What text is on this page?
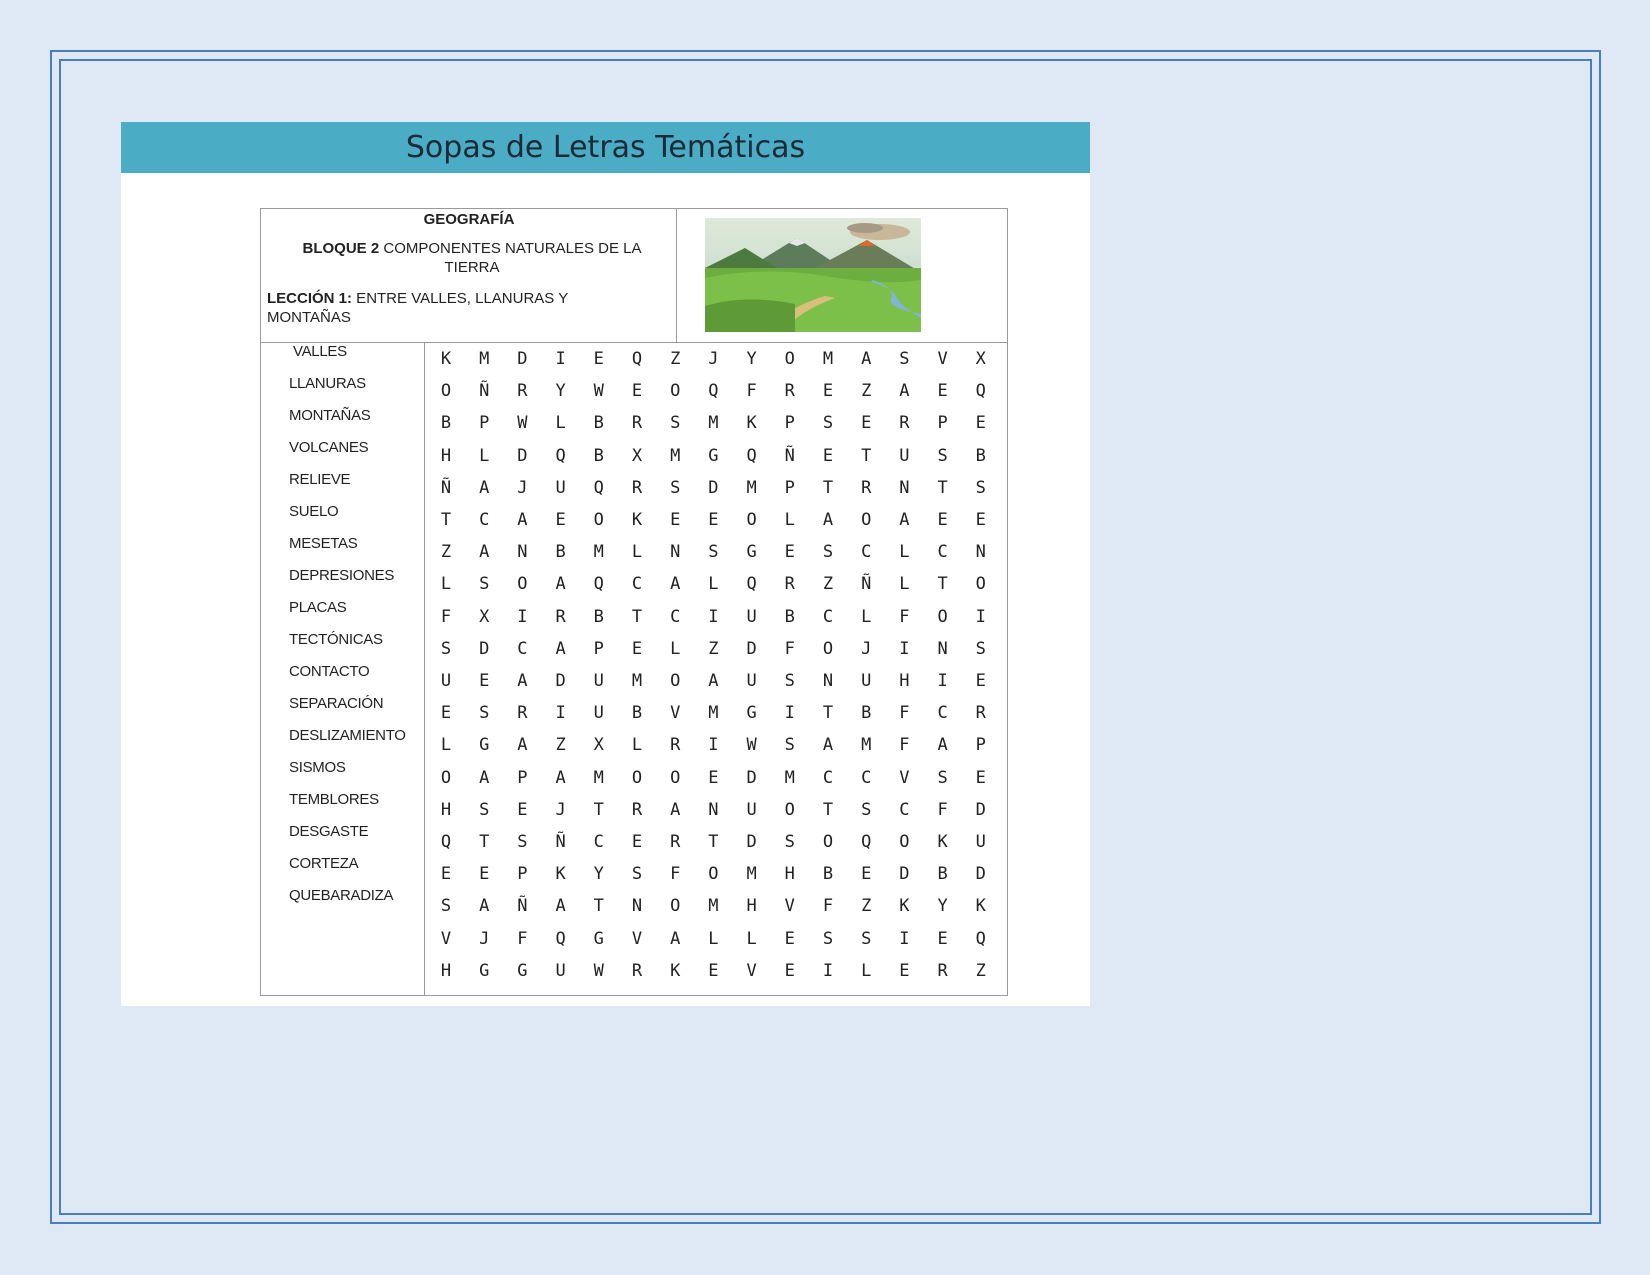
Sopas de Letras Temáticas
GEOGRAFÍA
BLOQUE 2 COMPONENTES NATURALES DE LA TIERRA
LECCIÓN 1: ENTRE VALLES, LLANURAS Y MONTAÑAS
VALLES
LLANURAS
MONTAÑAS
VOLCANES
RELIEVE
SUELO
MESETAS
DEPRESIONES
PLACAS
TECTÓNICAS
CONTACTO
SEPARACIÓN
DESLIZAMIENTO
SISMOS
TEMBLORES
DESGASTE
CORTEZA
QUEBARADIZA
K	M	D	I	E	Q	Z	J	Y	O	M	A	S	V	X
O	Ñ	R	Y	W	E	O	Q	F	R	E	Z	A	E	Q
B	P	W	L	B	R	S	M	K	P	S	E	R	P	E
H	L	D	Q	B	X	M	G	Q	Ñ	E	T	U	S	B
Ñ	A	J	U	Q	R	S	D	M	P	T	R	N	T	S
T	C	A	E	O	K	E	E	O	L	A	O	A	E	E
Z	A	N	B	M	L	N	S	G	E	S	C	L	C	N
L	S	O	A	Q	C	A	L	Q	R	Z	Ñ	L	T	O
F	X	I	R	B	T	C	I	U	B	C	L	F	O	I
S	D	C	A	P	E	L	Z	D	F	O	J	I	N	S
U	E	A	D	U	M	O	A	U	S	N	U	H	I	E
E	S	R	I	U	B	V	M	G	I	T	B	F	C	R
L	G	A	Z	X	L	R	I	W	S	A	M	F	A	P
O	A	P	A	M	O	O	E	D	M	C	C	V	S	E
H	S	E	J	T	R	A	N	U	O	T	S	C	F	D
Q	T	S	Ñ	C	E	R	T	D	S	O	Q	O	K	U
E	E	P	K	Y	S	F	O	M	H	B	E	D	B	D
S	A	Ñ	A	T	N	O	M	H	V	F	Z	K	Y	K
V	J	F	Q	G	V	A	L	L	E	S	S	I	E	Q
H	G	G	U	W	R	K	E	V	E	I	L	E	R	Z
